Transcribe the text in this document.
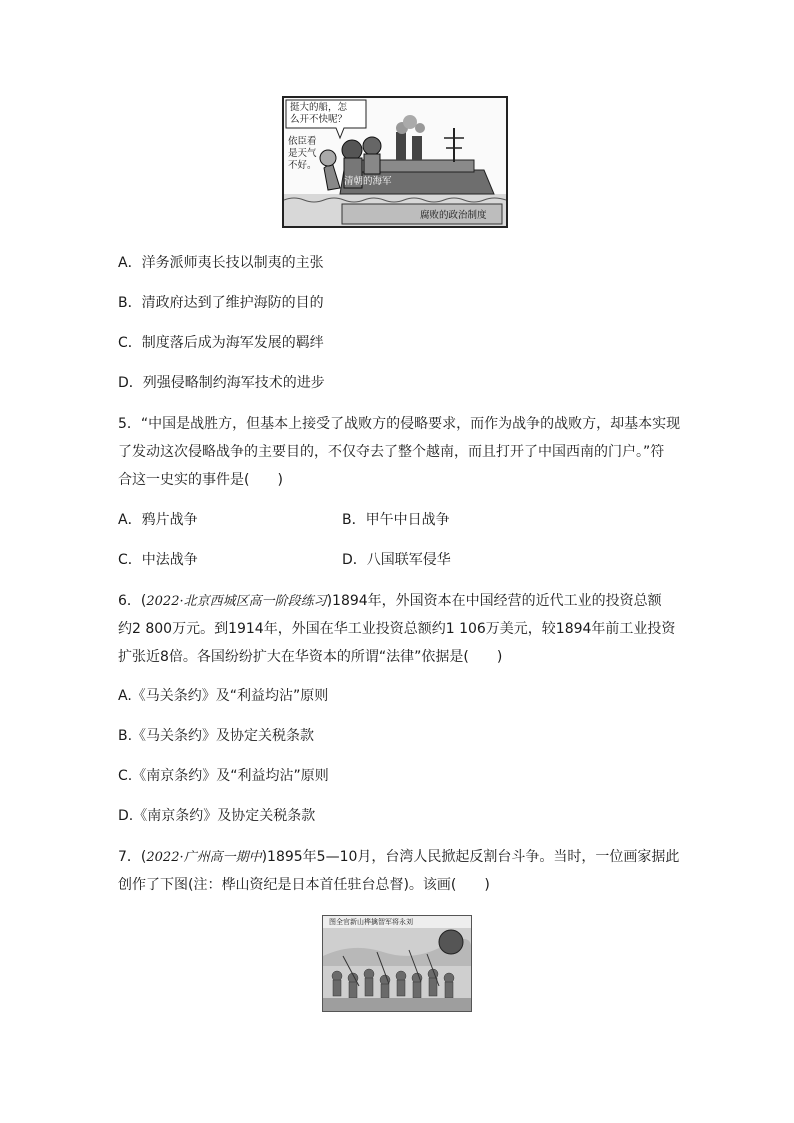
挺大的船，怎
么开不快呢？
依臣看
是天气
不好。
清朝的海军
腐败的政治制度
A．洋务派师夷长技以制夷的主张
B．清政府达到了维护海防的目的
C．制度落后成为海军发展的羁绊
D．列强侵略制约海军技术的进步
5．“中国是战胜方，但基本上接受了战败方的侵略要求，而作为战争的战败方，却基本实现
了发动这次侵略战争的主要目的，不仅夺去了整个越南，而且打开了中国西南的门户。”符
合这一史实的事件是(　　)
A．鸦片战争	B．甲午中日战争
C．中法战争	D．八国联军侵华
6．(2022·北京西城区高一阶段练习)1894年，外国资本在中国经营的近代工业的投资总额
约2 800万元。到1914年，外国在华工业投资总额约1 106万美元，较1894年前工业投资
扩张近8倍。各国纷纷扩大在华资本的所谓“法律”依据是(　　)
A.《马关条约》及“利益均沾”原则
B.《马关条约》及协定关税条款
C.《南京条约》及“利益均沾”原则
D.《南京条约》及协定关税条款
7．(2022·广州高一期中)1895年5—10月，台湾人民掀起反割台斗争。当时，一位画家据此
创作了下图(注：桦山资纪是日本首任驻台总督)。该画(　　)
图全官新山桦擒智军将永刘
